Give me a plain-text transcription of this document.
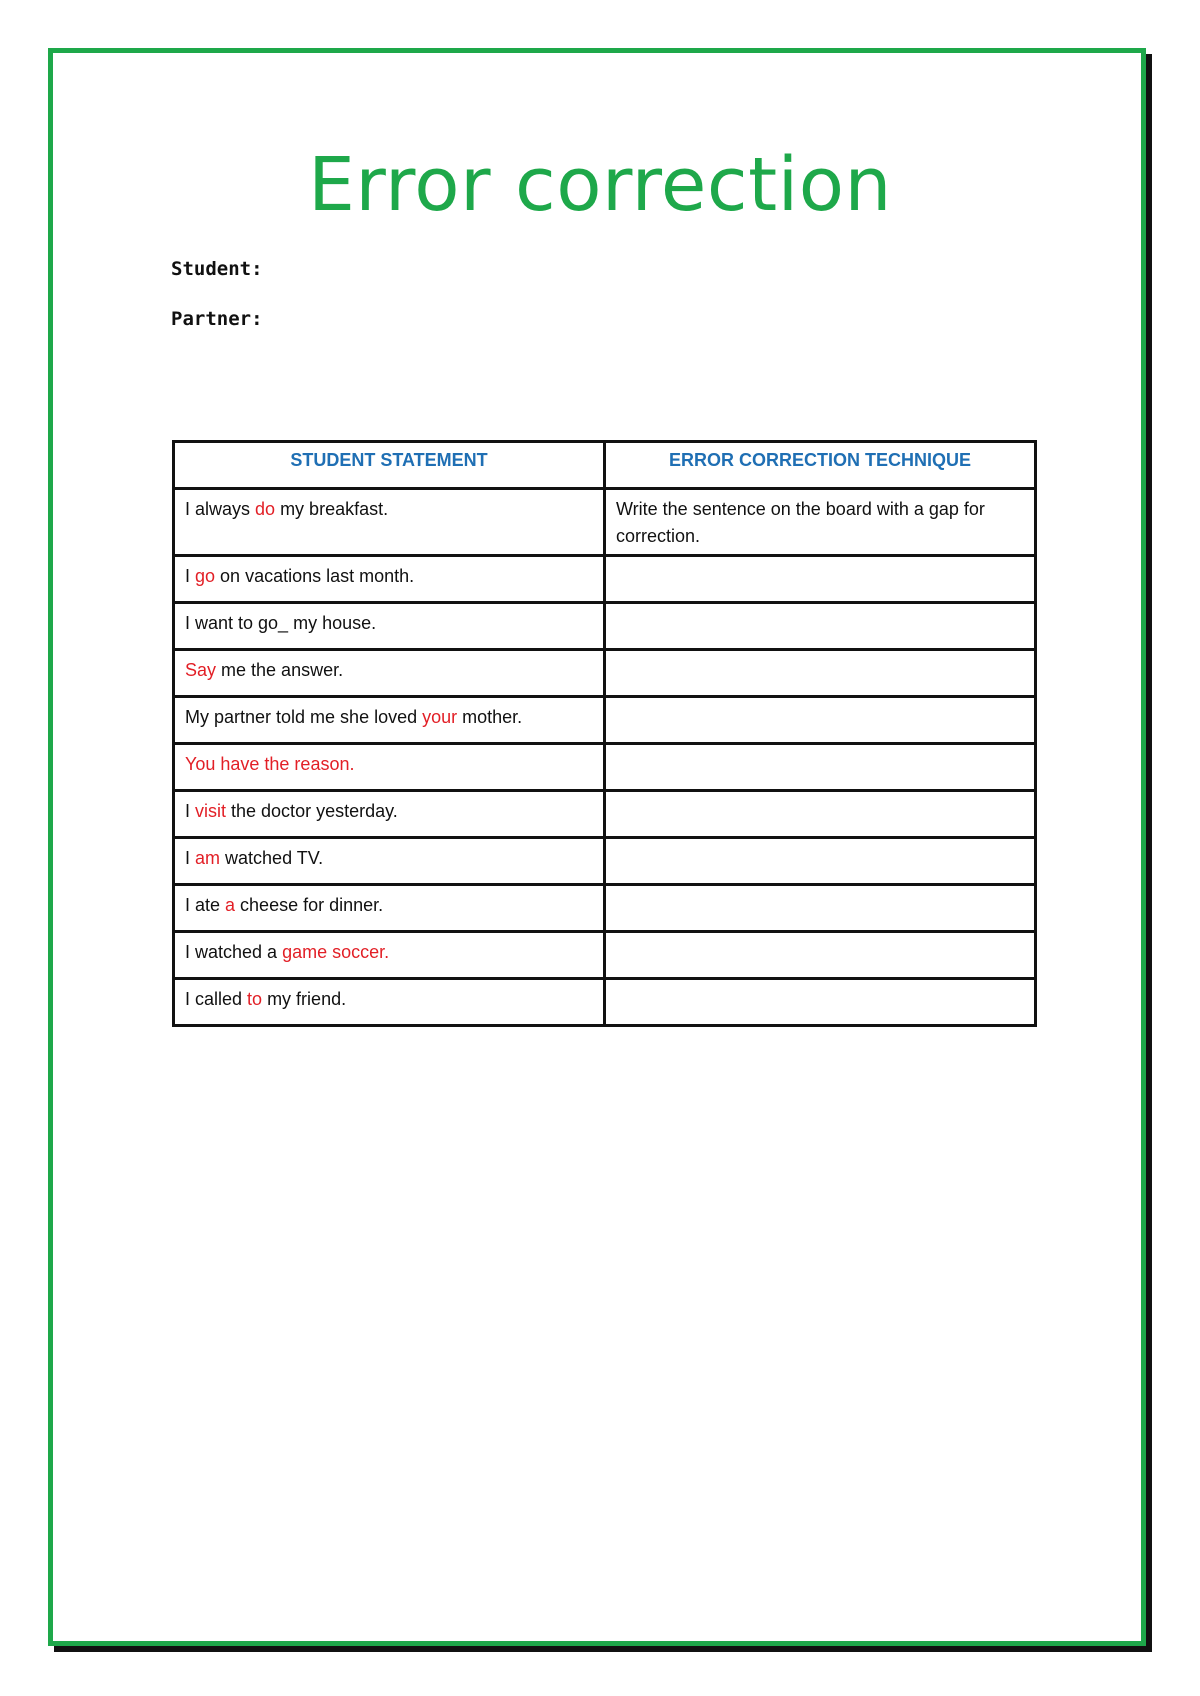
Error correction
Student:
Partner:
STUDENT STATEMENT	ERROR CORRECTION TECHNIQUE
I always do my breakfast.	Write the sentence on the board with a gap for correction.
I go on vacations last month.	
I want to go_ my house.	
Say me the answer.	
My partner told me she loved your mother.	
You have the reason.	
I visit the doctor yesterday.	
I am watched TV.	
I ate a cheese for dinner.	
I watched a game soccer.	
I called to my friend.	
